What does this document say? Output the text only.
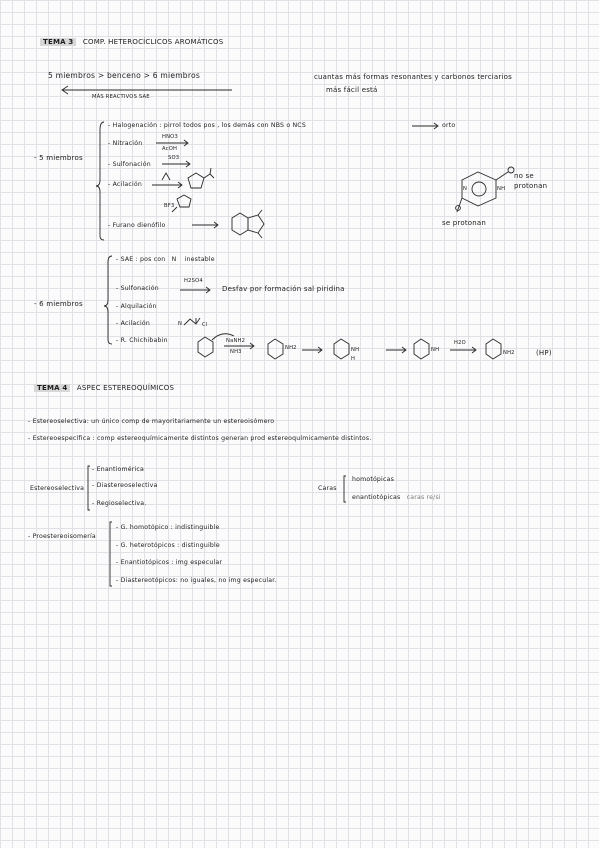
TEMA 3 COMP. HETEROCÍCLICOS AROMÁTICOS
5 miembros > benceno > 6 miembros
MÁS REACTIVOS SAE
cuantas más formas resonantes y carbonos terciarios
más fácil está
- 5 miembros
- Halogenación : pirrol todos pos , los demás con NBS o NCS	orto
- Nitración
HNO3
AcOH
- Sulfonación
SO3
- Acilación
BF3
- Furano dienófilo
no se protonan
se protonan
N	NH
- 6 miembros
- SAE : pos con N inestable
- Sulfonación
H2SO4
Desfav por formación sal piridina
- Alquilación
- Acilación	N	Cl
- R. Chichibabin	NaNH2
NH3
NH2	NH
H
NH
H2O
NH2	(HP)
TEMA 4 ASPEC ESTEREOQUÍMICOS
- Estereoselectiva: un único comp de mayoritariamente un estereoisómero
- Estereoespecífica : comp estereoquímicamente distintos generan prod estereoquímicamente distintos.
Estereoselectiva
- Enantiomérica
- Diastereoselectiva
- Regioselectiva.
Caras
homotópicas
enantiotópicas caras re/si
- Proestereoisomería
- G. homotópico : indistinguible
- G. heterotópicos : distinguible
- Enantiotópicos : img especular
- Diastereotópicos: no iguales, no img especular.
